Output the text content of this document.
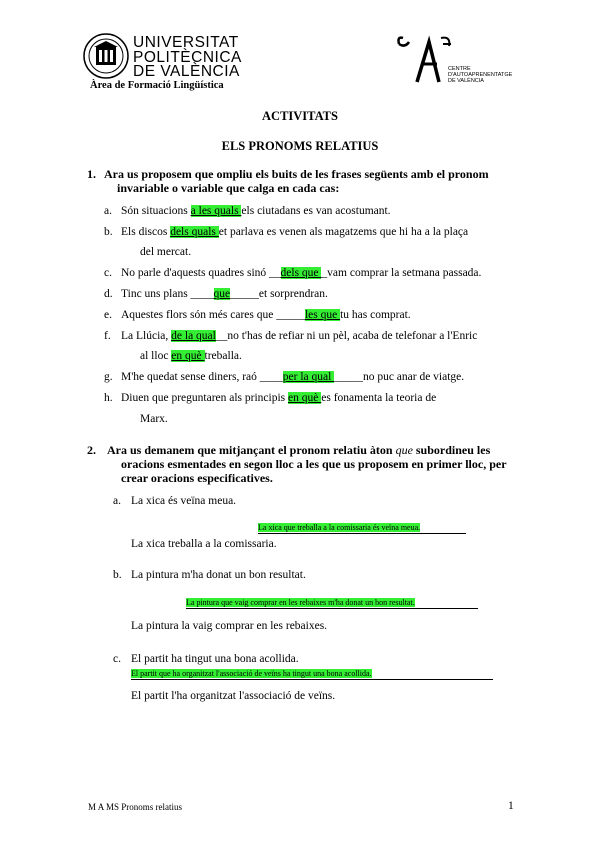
UNIVERSITAT
POLITÈCNICA
DE VALÈNCIA
Àrea de Formació Lingüística
CENTRE
D'AUTOAPRENENTATGE
DE VALÈNCIA
ACTIVITATS
ELS PRONOMS RELATIUS
1. Ara us proposem que ompliu els buits de les frases següents amb el pronom
invariable o variable que calga en cada cas:
a. Són situacions a les quals els ciutadans es van acostumant.
b. Els discos dels quals et parlava es venen als magatzems que hi ha a la plaça
del mercat.
c. No parle d'aquests quadres sinó __dels que _vam comprar la setmana passada.
d. Tinc uns plans ____que_____et sorprendran.
e. Aquestes flors són més cares que _____les que tu has comprat.
f. La Llúcia, de la qual__no t'has de refiar ni un pèl, acaba de telefonar a l'Enric
al lloc en què treballa.
g. M'he quedat sense diners, raó ____per la qual _____no puc anar de viatge.
h. Diuen que preguntaren als principis en què es fonamenta la teoria de
Marx.
2. Ara us demanem que mitjançant el pronom relatiu àton que subordineu les
oracions esmentades en segon lloc a les que us proposem en primer lloc, per
crear oracions especificatives.
a. La xica és veïna meua.
La xica que treballa a la comissaria és veïna meua.
La xica treballa a la comissaria.
b. La pintura m'ha donat un bon resultat.
La pintura que vaig comprar en les rebaixes m'ha donat un bon resultat.
La pintura la vaig comprar en les rebaixes.
c. El partit ha tingut una bona acollida.
El partit que ha organitzat l'associació de veïns ha tingut una bona acollida.
El partit l'ha organitzat l'associació de veïns.
M A MS Pronoms relatius	1
